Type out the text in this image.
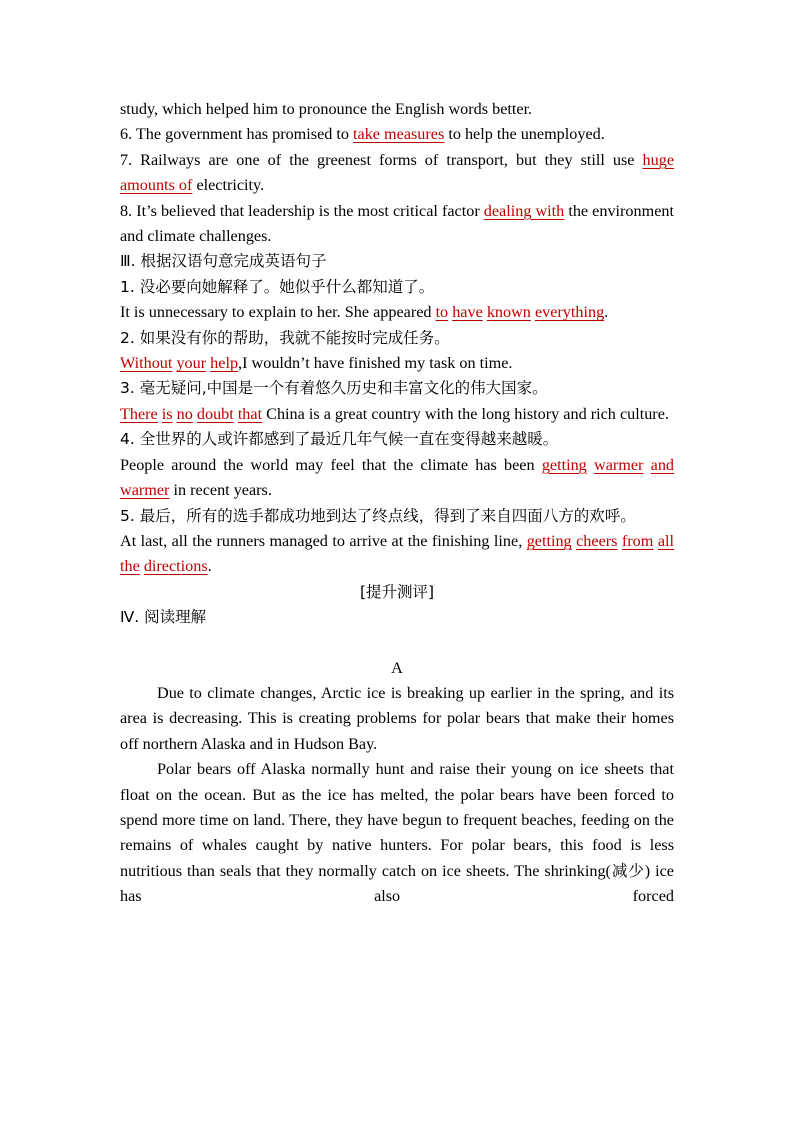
study, which helped him to pronounce the English words better.

6. The government has promised to take measures to help the unemployed.

7. Railways are one of the greenest forms of transport, but they still use huge amounts of electricity.

8. It’s believed that leadership is the most critical factor dealing with the environment and climate challenges.

Ⅲ. 根据汉语句意完成英语句子

1. 没必要向她解释了。她似乎什么都知道了。

It is unnecessary to explain to her. She appeared to have known everything.

2. 如果没有你的帮助，我就不能按时完成任务。

Without your help,I wouldn’t have finished my task on time.

3. 毫无疑问,中国是一个有着悠久历史和丰富文化的伟大国家。

There is no doubt that China is a great country with the long history and rich culture.

4. 全世界的人或许都感到了最近几年气候一直在变得越来越暖。

People around the world may feel that the climate has been getting warmer and warmer in recent years.

5. 最后，所有的选手都成功地到达了终点线，得到了来自四面八方的欢呼。

At last, all the runners managed to arrive at the finishing line, getting cheers from all the directions.

[提升测评]

Ⅳ. 阅读理解

A

Due to climate changes, Arctic ice is breaking up earlier in the spring, and its area is decreasing. This is creating problems for polar bears that make their homes off northern Alaska and in Hudson Bay.

Polar bears off Alaska normally hunt and raise their young on ice sheets that float on the ocean. But as the ice has melted, the polar bears have been forced to spend more time on land. There, they have begun to frequent beaches, feeding on the remains of whales caught by native hunters. For polar bears, this food is less nutritious than seals that they normally catch on ice sheets. The shrinking(减少) ice has also forced
